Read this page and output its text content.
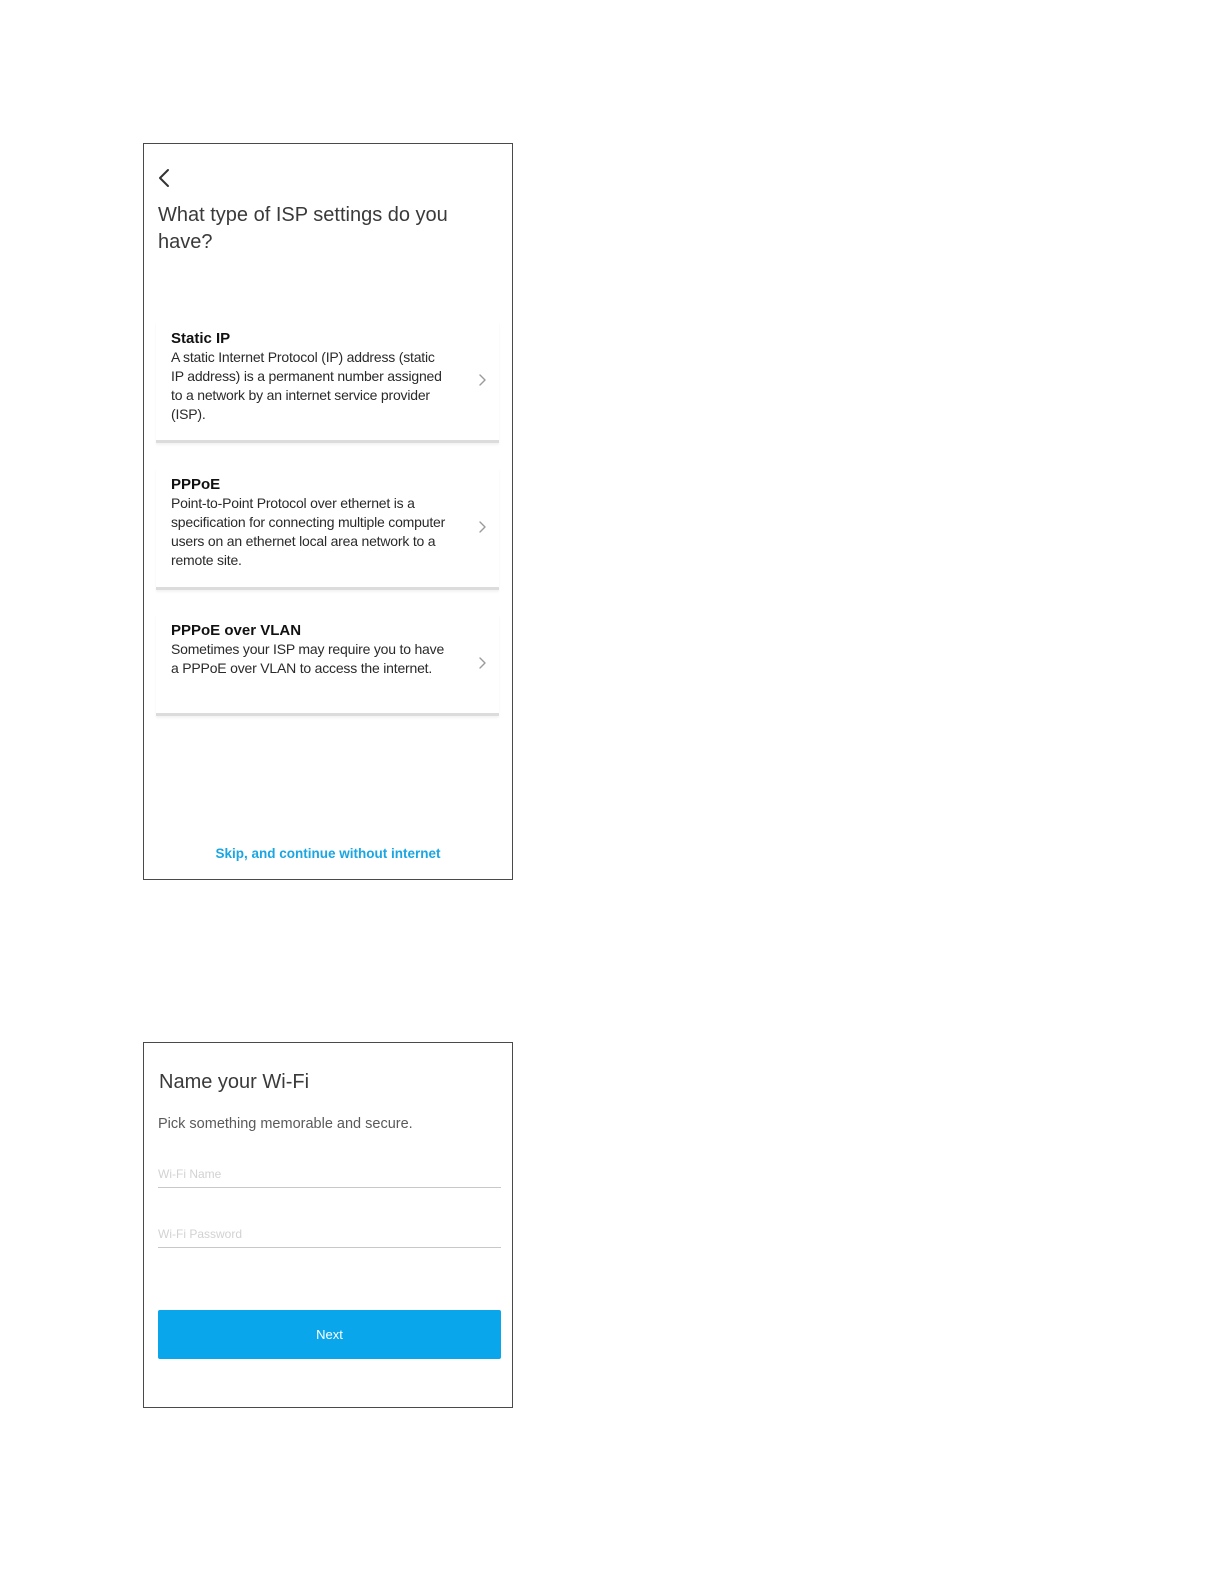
What type of ISP settings do you have?
Static IP
A static Internet Protocol (IP) address (static IP address) is a permanent number assigned to a network by an internet service provider (ISP).
PPPoE
Point-to-Point Protocol over ethernet is a specification for connecting multiple computer users on an ethernet local area network to a remote site.
PPPoE over VLAN
Sometimes your ISP may require you to have a PPPoE over VLAN to access the internet.
Skip, and continue without internet
Name your Wi-Fi
Pick something memorable and secure.
Wi-Fi Name
Next
